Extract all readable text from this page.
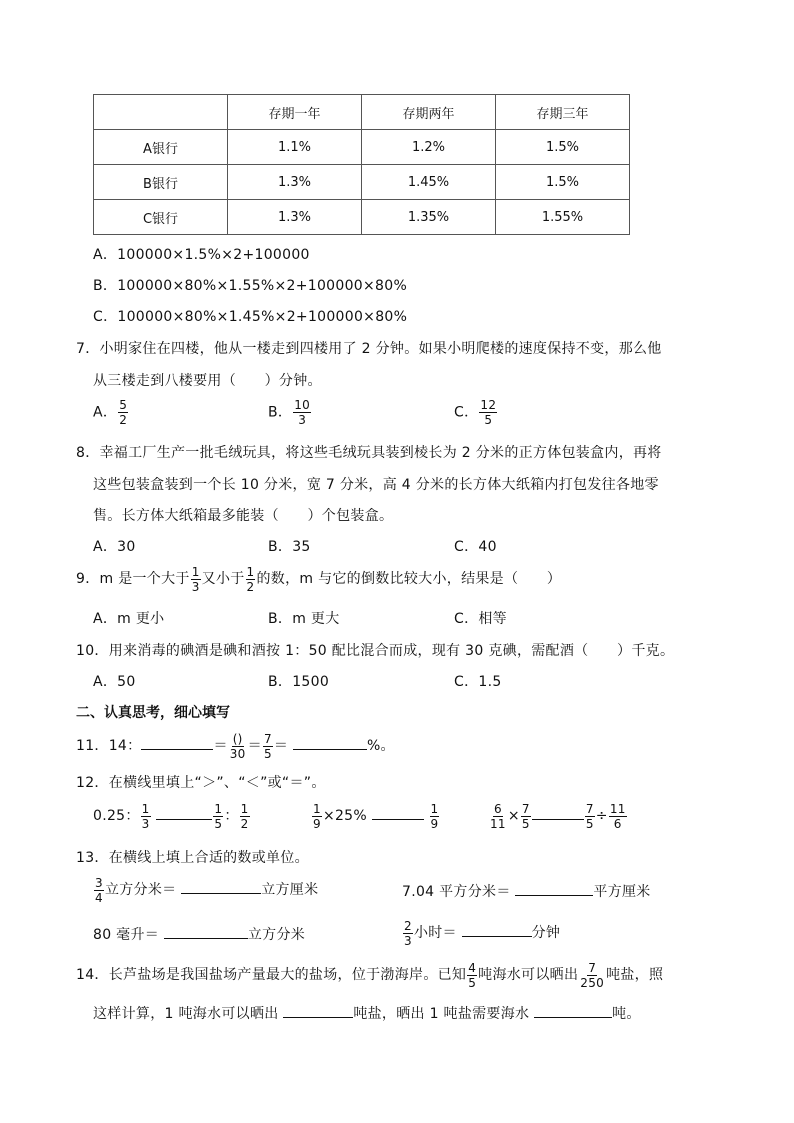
	存期一年	存期两年	存期三年
A银行	1.1%	1.2%	1.5%
B银行	1.3%	1.45%	1.5%
C银行	1.3%	1.35%	1.55%
A．100000×1.5%×2+100000
B．100000×80%×1.55%×2+100000×80%
C．100000×80%×1.45%×2+100000×80%
7．小明家住在四楼，他从一楼走到四楼用了 2 分钟。如果小明爬楼的速度保持不变，那么他
从三楼走到八楼要用（　　）分钟。
A． $\frac{5}{2}$	B． $\frac{10}{3}$	C． $\frac{12}{5}$
8．幸福工厂生产一批毛绒玩具，将这些毛绒玩具装到棱长为 2 分米的正方体包装盒内，再将
这些包装盒装到一个长 10 分米，宽 7 分米，高 4 分米的长方体大纸箱内打包发往各地零
售。长方体大纸箱最多能装（　　）个包装盒。
A．30	B．35	C．40
9．m 是一个大于 $\frac{1}{3}$ 又小于 $\frac{1}{2}$ 的数，m 与它的倒数比较大小，结果是（　　）
A．m 更小	B．m 更大	C．相等
10．用来消毒的碘酒是碘和酒按 1：50 配比混合而成，现有 30 克碘，需配酒（　　）千克。
A．50	B．1500	C．1.5
二、认真思考，细心填写
11．14：	＝ $\frac{()}{30} = \frac{7}{5}$ ＝	%。
12．在横线里填上“＞”、“＜”或“＝”。
0.25： $\frac{1}{3}$
	$\frac{1}{5}$ ： $\frac{1}{2}$	$\frac{1}{9} \times 25\%$	$\frac{1}{9}$	$\frac{6}{11} \times \frac{7}{5}$	$\frac{7}{5} \div \frac{11}{6}$
13．在横线上填上合适的数或单位。
$\frac{3}{4}$ 立方分米＝	立方厘米	7.04 平方分米＝	平方厘米
80 毫升＝	立方分米	$\frac{2}{3}$ 小时＝	分钟
14．长芦盐场是我国盐场产量最大的盐场，位于渤海岸。已知 $\frac{4}{5}$ 吨海水可以晒出 $\frac{7}{250}$ 吨盐，照
这样计算，1 吨海水可以晒出	吨盐，晒出 1 吨盐需要海水	吨。
